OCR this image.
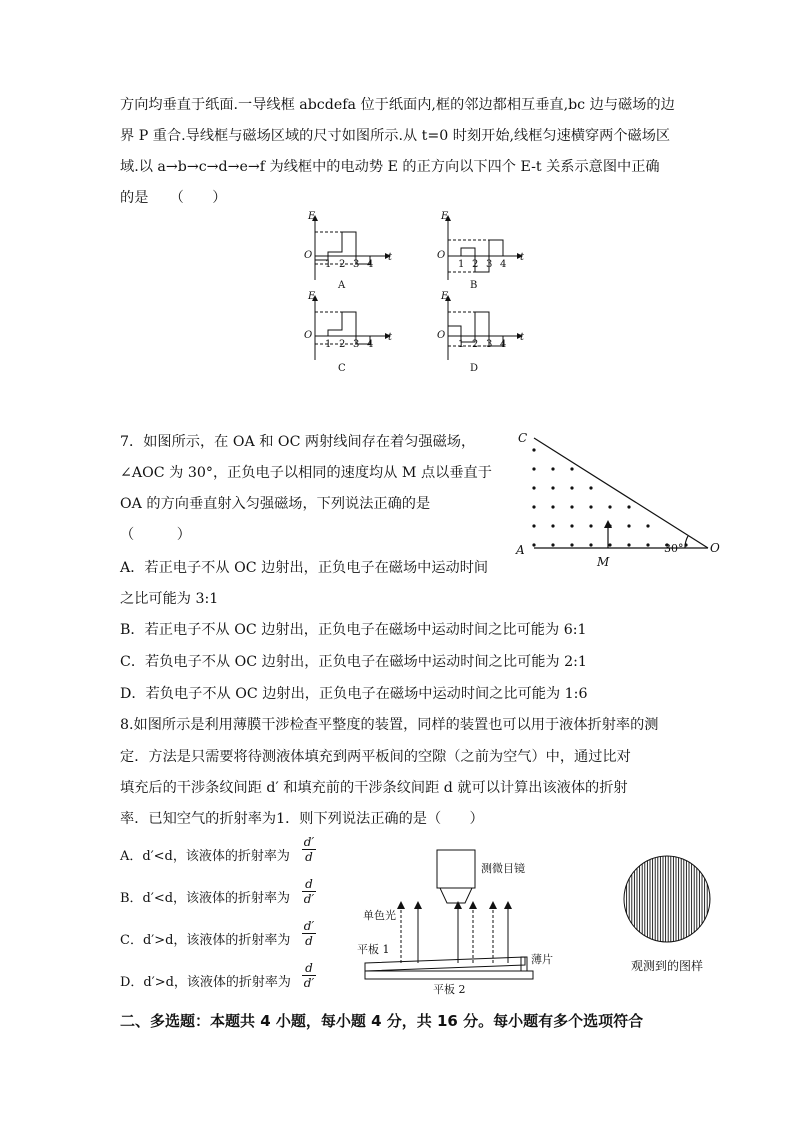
方向均垂直于纸面.一导线框 abcdefa 位于纸面内,框的邻边都相互垂直,bc 边与磁场的边
界 P 重合.导线框与磁场区域的尺寸如图所示.从 t=0 时刻开始,线框匀速横穿两个磁场区
域.以 a→b→c→d→e→f 为线框中的电动势 E 的正方向以下四个 E-t 关系示意图中正确
的是　　（　　）
E
O	t
1 2 3 4
A
E
O	t
1 2 3 4
B
E
O	t
1 2 3 4
C
E
O	t
1 2 3 4
D
7．如图所示，在 OA 和 OC 两射线间存在着匀强磁场，
∠AOC 为 30°，正负电子以相同的速度均从 M 点以垂直于
OA 的方向垂直射入匀强磁场，下列说法正确的是
（　　　）
A．若正电子不从 OC 边射出，正负电子在磁场中运动时间
之比可能为 3:1
B．若正电子不从 OC 边射出，正负电子在磁场中运动时间之比可能为 6:1
C．若负电子不从 OC 边射出，正负电子在磁场中运动时间之比可能为 2:1
D．若负电子不从 OC 边射出，正负电子在磁场中运动时间之比可能为 1:6
C
A	O
M
30°
8.如图所示是利用薄膜干涉检查平整度的装置，同样的装置也可以用于液体折射率的测
定．方法是只需要将待测液体填充到两平板间的空隙（之前为空气）中，通过比对
填充后的干涉条纹间距 d′ 和填充前的干涉条纹间距 d 就可以计算出该液体的折射
率．已知空气的折射率为1．则下列说法正确的是（　　）
A．d′<d，该液体的折射率为
d′
d
B．d′<d，该液体的折射率为
d
d′
C．d′>d，该液体的折射率为
d′
d
D．d′>d，该液体的折射率为
d
d′
测微目镜
单色光
平板 1
平板 2
薄片	观测到的图样
二、多选题：本题共 4 小题，每小题 4 分，共 16 分。每小题有多个选项符合
